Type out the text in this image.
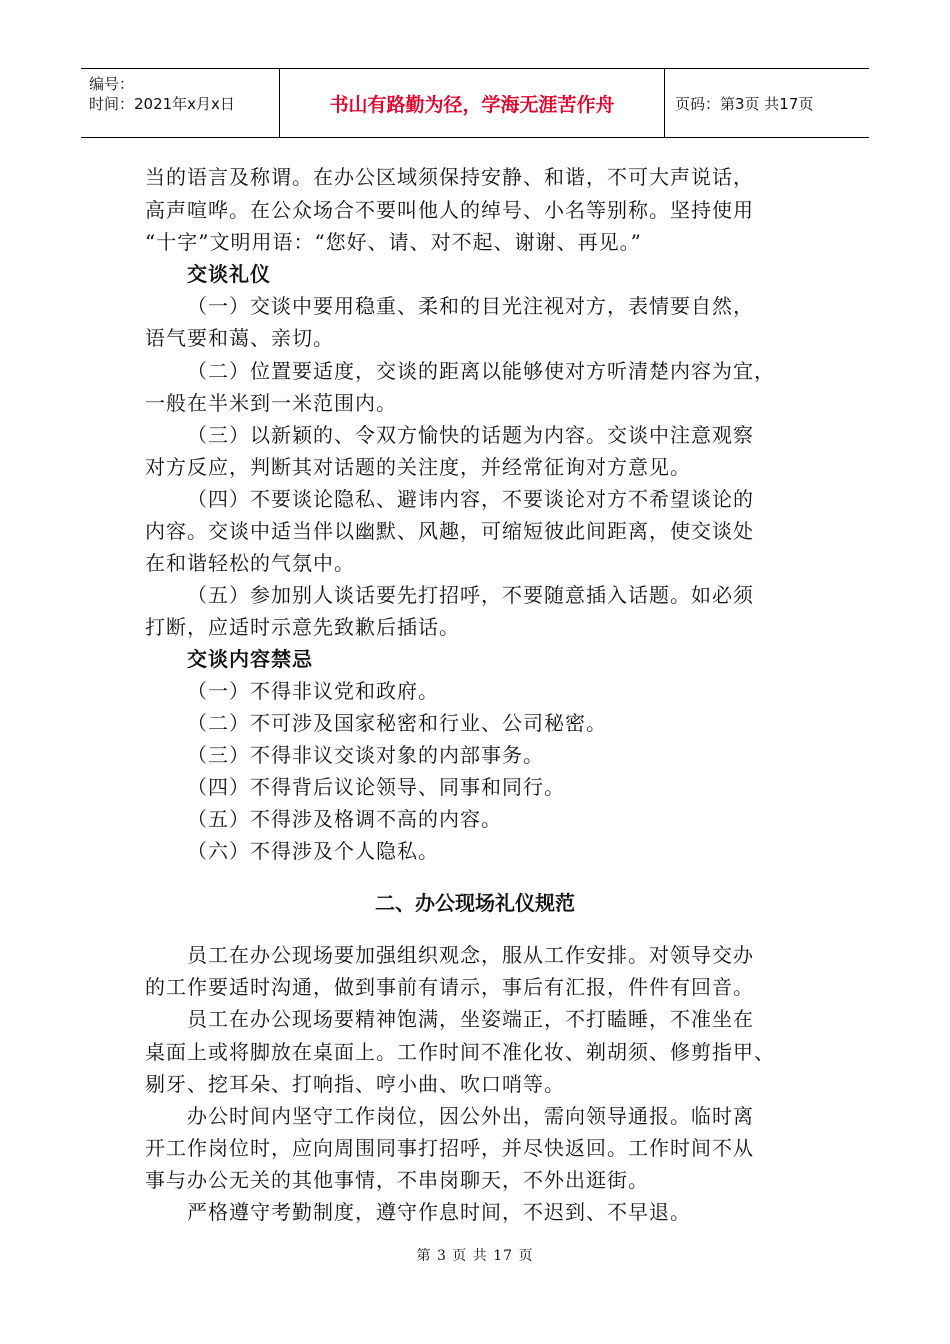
编号：
时间：2021年x月x日	书山有路勤为径，学海无涯苦作舟	页码：第3页 共17页
当的语言及称谓。在办公区域须保持安静、和谐，不可大声说话，
高声喧哗。在公众场合不要叫他人的绰号、小名等别称。坚持使用
“十字”文明用语：“您好、请、对不起、谢谢、再见。”
交谈礼仪
（一）交谈中要用稳重、柔和的目光注视对方，表情要自然，
语气要和蔼、亲切。
（二）位置要适度，交谈的距离以能够使对方听清楚内容为宜，
一般在半米到一米范围内。
（三）以新颖的、令双方愉快的话题为内容。交谈中注意观察
对方反应，判断其对话题的关注度，并经常征询对方意见。
（四）不要谈论隐私、避讳内容，不要谈论对方不希望谈论的
内容。交谈中适当伴以幽默、风趣，可缩短彼此间距离，使交谈处
在和谐轻松的气氛中。
（五）参加别人谈话要先打招呼，不要随意插入话题。如必须
打断，应适时示意先致歉后插话。
交谈内容禁忌
（一）不得非议党和政府。
（二）不可涉及国家秘密和行业、公司秘密。
（三）不得非议交谈对象的内部事务。
（四）不得背后议论领导、同事和同行。
（五）不得涉及格调不高的内容。
（六）不得涉及个人隐私。
二、办公现场礼仪规范
员工在办公现场要加强组织观念，服从工作安排。对领导交办
的工作要适时沟通，做到事前有请示，事后有汇报，件件有回音。
员工在办公现场要精神饱满，坐姿端正，不打瞌睡，不准坐在
桌面上或将脚放在桌面上。工作时间不准化妆、剃胡须、修剪指甲、
剔牙、挖耳朵、打响指、哼小曲、吹口哨等。
办公时间内坚守工作岗位，因公外出，需向领导通报。临时离
开工作岗位时，应向周围同事打招呼，并尽快返回。工作时间不从
事与办公无关的其他事情，不串岗聊天，不外出逛街。
严格遵守考勤制度，遵守作息时间，不迟到、不早退。
第 3 页 共 17 页
